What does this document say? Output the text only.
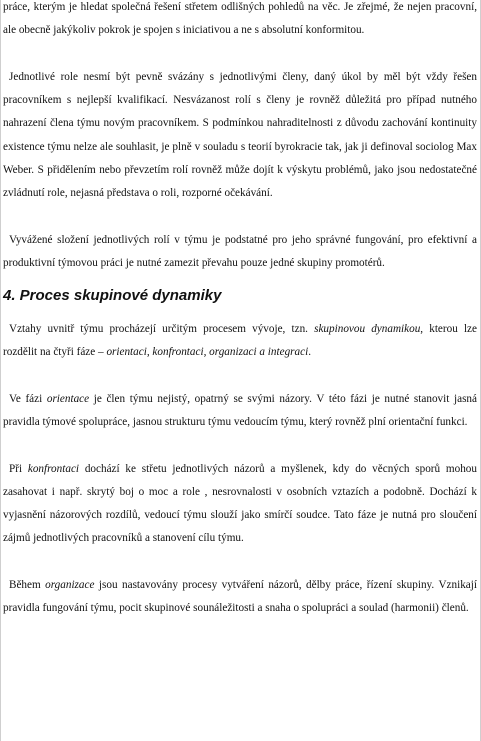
práce, kterým je hledat společná řešení střetem odlišných pohledů na věc. Je zřejmé, že nejen pracovní, ale obecně jakýkoliv pokrok je spojen s iniciativou a ne s absolutní konformitou.

Jednotlivé role nesmí být pevně svázány s jednotlivými členy, daný úkol by měl být vždy řešen pracovníkem s nejlepší kvalifikací. Nesvázanost rolí s členy je rovněž důležitá pro případ nutného nahrazení člena týmu novým pracovníkem. S podmínkou nahraditelnosti z důvodu zachování kontinuity existence týmu nelze ale souhlasit, je plně v souladu s teorií byrokracie tak, jak ji definoval sociolog Max Weber. S přidělením nebo převzetím rolí rovněž může dojít k výskytu problémů, jako jsou nedostatečné zvládnutí role, nejasná představa o roli, rozporné očekávání.

Vyvážené složení jednotlivých rolí v týmu je podstatné pro jeho správné fungování, pro efektivní a produktivní týmovou práci je nutné zamezit převahu pouze jedné skupiny promotérů.

4. Proces skupinové dynamiky

Vztahy uvnitř týmu procházejí určitým procesem vývoje, tzn. skupinovou dynamikou, kterou lze rozdělit na čtyři fáze – orientaci, konfrontaci, organizaci a integraci.

Ve fázi orientace je člen týmu nejistý, opatrný se svými názory. V této fázi je nutné stanovit jasná pravidla týmové spolupráce, jasnou strukturu týmu vedoucím týmu, který rovněž plní orientační funkci.

Při konfrontaci dochází ke střetu jednotlivých názorů a myšlenek, kdy do věcných sporů mohou zasahovat i např. skrytý boj o moc a role , nesrovnalosti v osobních vztazích a podobně. Dochází k vyjasnění názorových rozdílů, vedoucí týmu slouží jako smírčí soudce. Tato fáze je nutná pro sloučení zájmů jednotlivých pracovníků a stanovení cílu týmu.

Během organizace jsou nastavovány procesy vytváření názorů, dělby práce, řízení skupiny. Vznikají pravidla fungování týmu, pocit skupinové sounáležitosti a snaha o spolupráci a soulad (harmonii) členů.
